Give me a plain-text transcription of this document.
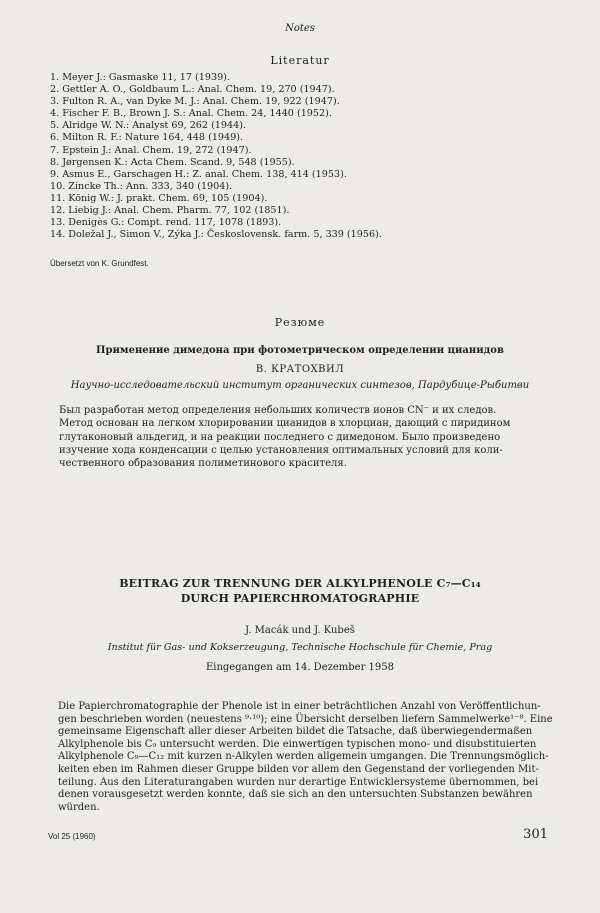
Notes
Literatur
1. Meyer J.: Gasmaske 11, 17 (1939).
2. Gettler A. O., Goldbaum L.: Anal. Chem. 19, 270 (1947).
3. Fulton R. A., van Dyke M. J.: Anal. Chem. 19, 922 (1947).
4. Fischer F. B., Brown J. S.: Anal. Chem. 24, 1440 (1952).
5. Alridge W. N.: Analyst 69, 262 (1944).
6. Milton R. F.: Nature 164, 448 (1949).
7. Epstein J.: Anal. Chem. 19, 272 (1947).
8. Jørgensen K.: Acta Chem. Scand. 9, 548 (1955).
9. Asmus E., Garschagen H.: Z. anal. Chem. 138, 414 (1953).
10. Zincke Th.: Ann. 333, 340 (1904).
11. König W.: J. prakt. Chem. 69, 105 (1904).
12. Liebig J.: Anal. Chem. Pharm. 77, 102 (1851).
13. Denigès G.: Compt. rend. 117, 1078 (1893).
14. Doležal J., Simon V., Zýka J.: Československ. farm. 5, 339 (1956).
Übersetzt von K. Grundfest.
Резюме
Применение димедона при фотометрическом определении цианидов
В. КРАТОХВИЛ
Научно-исследовательский институт органических синтезов, Пардубице-Рыбитви
Был разработан метод определения небольших количеств ионов CN⁻ и их следов.
Метод основан на легком хлорировании цианидов в хлорциан, дающий с пиридином
глутаконовый альдегид, и на реакции последнего с димедоном. Было произведено
изучение хода конденсации с целью установления оптимальных условий для коли-
чественного образования полиметинового красителя.
BEITRAG ZUR TRENNUNG DER ALKYLPHENOLE C₇—C₁₄
DURCH PAPIERCHROMATOGRAPHIE
J. Macák und J. Kubeš
Institut für Gas- und Kokserzeugung, Technische Hochschule für Chemie, Prag
Eingegangen am 14. Dezember 1958
Die Papierchromatographie der Phenole ist in einer beträchtlichen Anzahl von Veröffentlichun-
gen beschrieben worden (neuestens ⁹·¹⁰); eine Übersicht derselben liefern Sammelwerke¹⁻⁸. Eine
gemeinsame Eigenschaft aller dieser Arbeiten bildet die Tatsache, daß überwiegendermaßen
Alkylphenole bis C₉ untersucht werden. Die einwertigen typischen mono- und disubstituierten
Alkylphenole C₉—C₁₂ mit kurzen n-Alkylen werden allgemein umgangen. Die Trennungsmöglich-
keiten eben im Rahmen dieser Gruppe bilden vor allem den Gegenstand der vorliegenden Mit-
teilung. Aus den Literaturangaben wurden nur derartige Entwicklersysteme übernommen, bei
denen vorausgesetzt werden konnte, daß sie sich an den untersuchten Substanzen bewähren
würden.
Vol 25 (1960)	301
